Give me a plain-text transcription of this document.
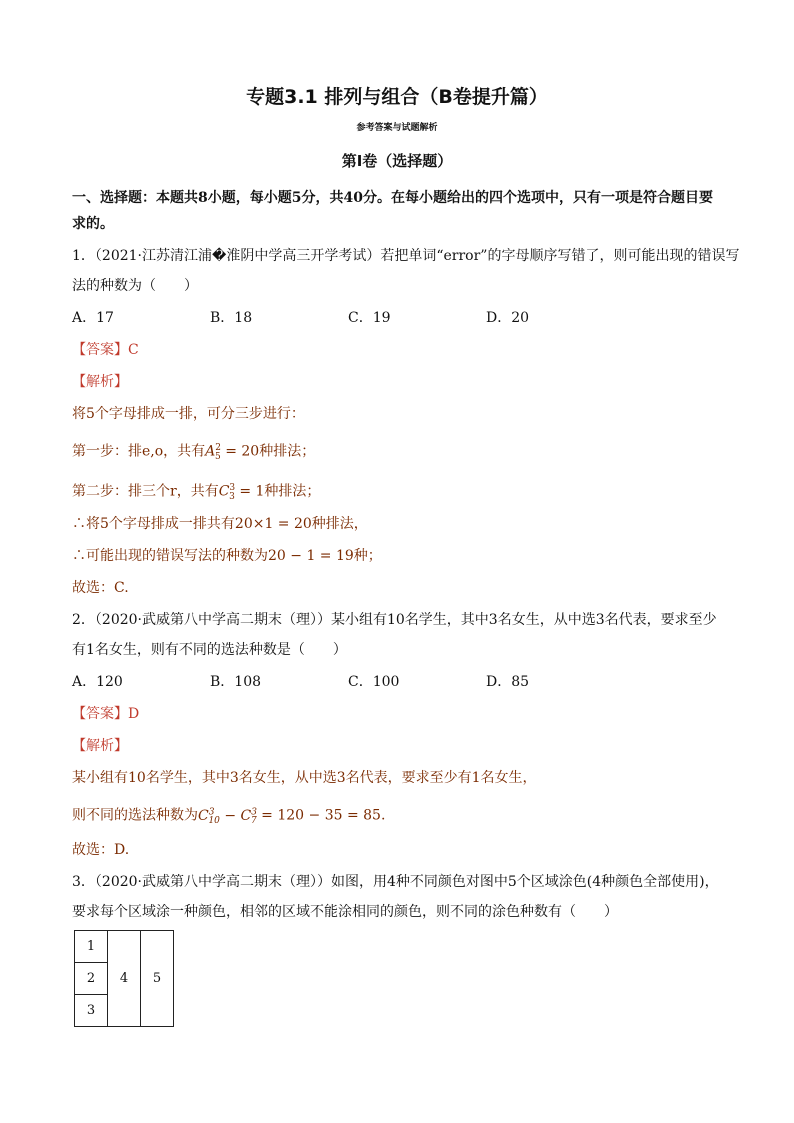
专题3.1 排列与组合（B卷提升篇）
参考答案与试题解析
第Ⅰ卷（选择题）
一、选择题：本题共8小题，每小题5分，共40分。在每小题给出的四个选项中，只有一项是符合题目要
求的。
1．（2021·江苏清江浦�淮阴中学高三开学考试）若把单词“error”的字母顺序写错了，则可能出现的错误写
法的种数为（　　）
A．17	B．18	C．19	D．20
【答案】C
【解析】
将5个字母排成一排，可分三步进行：
第一步：排e,o，共有$A^2_5 = 20$种排法；
第二步：排三个r，共有$C^3_3 = 1$种排法；
∴将5个字母排成一排共有20×1 = 20种排法，
∴可能出现的错误写法的种数为20 − 1 = 19种；
故选：C.
2．（2020·武威第八中学高二期末（理））某小组有10名学生，其中3名女生，从中选3名代表，要求至少
有1名女生，则有不同的选法种数是（　　）
A．120	B．108	C．100	D．85
【答案】D
【解析】
某小组有10名学生，其中3名女生，从中选3名代表，要求至少有1名女生，
则不同的选法种数为$C^3_{10} - C^3_7 = 120 - 35 = 85$.
故选：D.
3．（2020·武威第八中学高二期末（理））如图，用4种不同颜色对图中5个区域涂色(4种颜色全部使用)，
要求每个区域涂一种颜色，相邻的区域不能涂相同的颜色，则不同的涂色种数有（　　）
1	4	5
2
3
